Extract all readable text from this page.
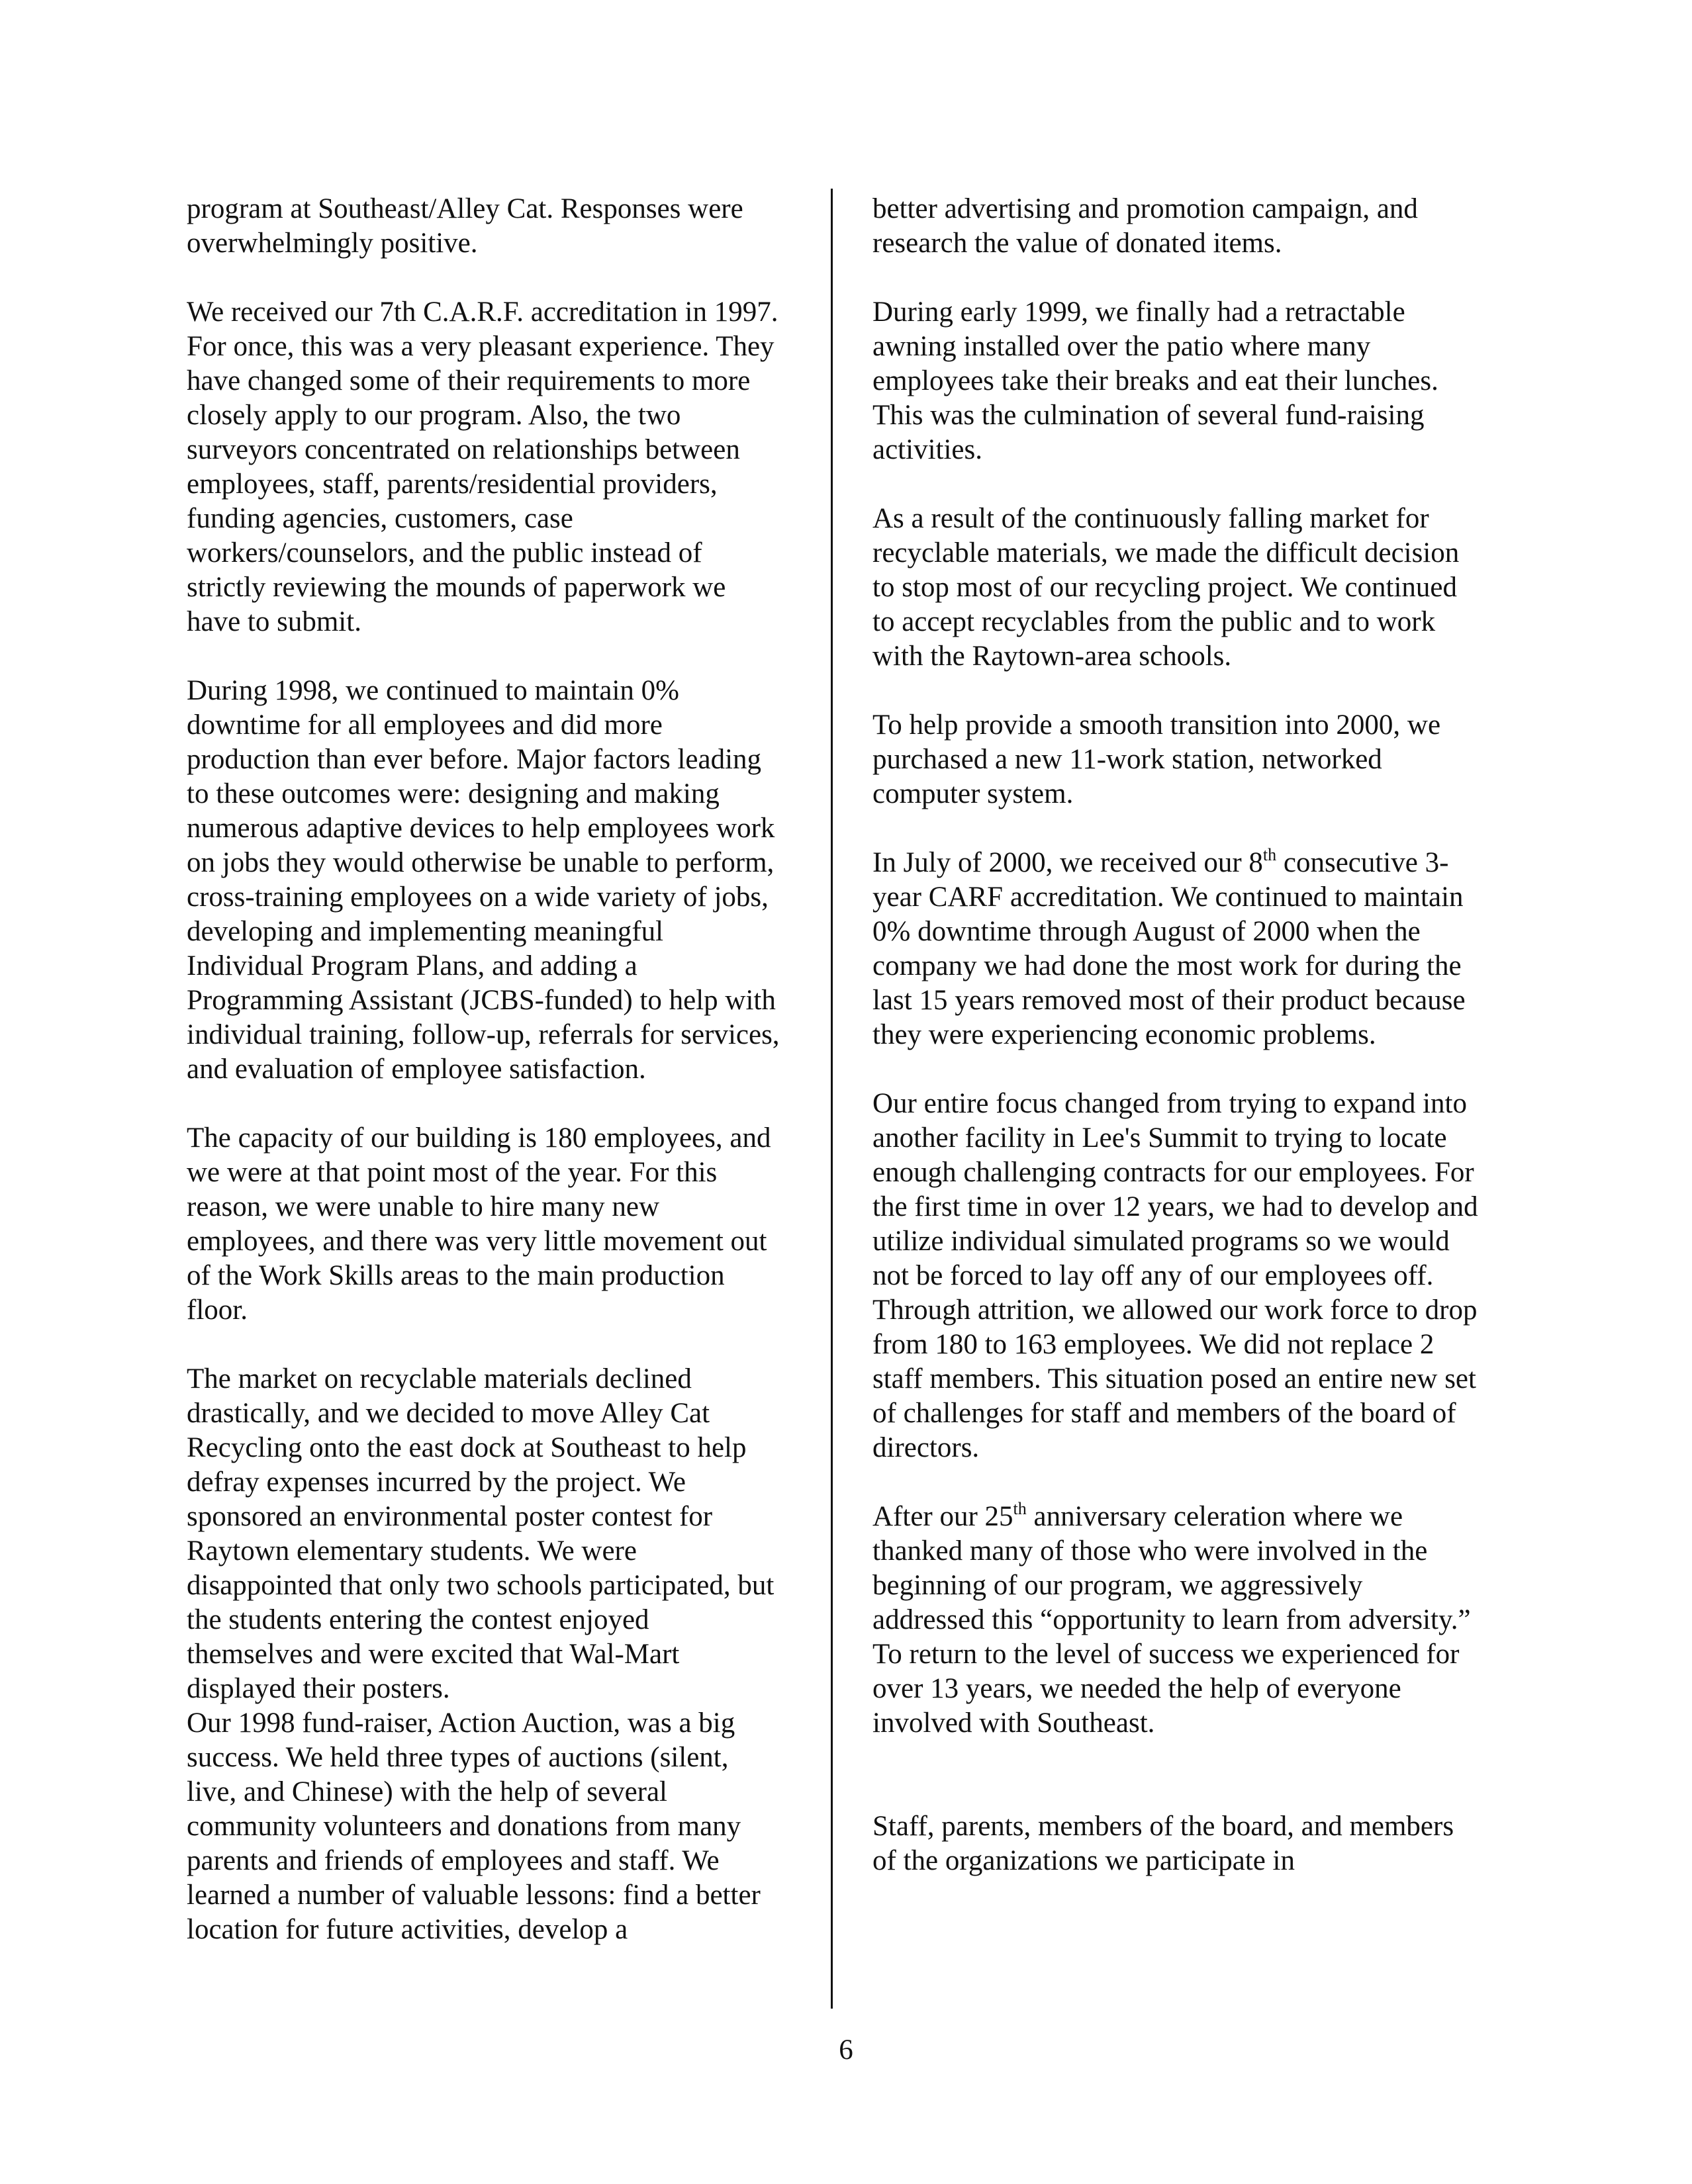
program at Southeast/Alley Cat. Responses were overwhelmingly positive.

We received our 7th C.A.R.F. accreditation in 1997. For once, this was a very pleasant experience. They have changed some of their requirements to more closely apply to our program. Also, the two surveyors concentrated on relationships between employees, staff, parents/residential providers, funding agencies, customers, case workers/counselors, and the public instead of strictly reviewing the mounds of paperwork we have to submit.

During 1998, we continued to maintain 0% downtime for all employees and did more production than ever before. Major factors leading to these outcomes were: designing and making numerous adaptive devices to help employees work on jobs they would otherwise be unable to perform, cross-training employees on a wide variety of jobs, developing and implementing meaningful Individual Program Plans, and adding a Programming Assistant (JCBS-funded) to help with individual training, follow-up, referrals for services, and evaluation of employee satisfaction.

The capacity of our building is 180 employees, and we were at that point most of the year. For this reason, we were unable to hire many new employees, and there was very little movement out of the Work Skills areas to the main production floor.

The market on recyclable materials declined drastically, and we decided to move Alley Cat Recycling onto the east dock at Southeast to help defray expenses incurred by the project. We sponsored an environmental poster contest for Raytown elementary students. We were disappointed that only two schools participated, but the students entering the contest enjoyed themselves and were excited that Wal-Mart displayed their posters.

Our 1998 fund-raiser, Action Auction, was a big success. We held three types of auctions (silent, live, and Chinese) with the help of several community volunteers and donations from many parents and friends of employees and staff. We learned a number of valuable lessons: find a better location for future activities, develop a

better advertising and promotion campaign, and research the value of donated items.

During early 1999, we finally had a retractable awning installed over the patio where many employees take their breaks and eat their lunches. This was the culmination of several fund-raising activities.

As a result of the continuously falling market for recyclable materials, we made the difficult decision to stop most of our recycling project. We continued to accept recyclables from the public and to work with the Raytown-area schools.

To help provide a smooth transition into 2000, we purchased a new 11-work station, networked computer system.

In July of 2000, we received our 8th consecutive 3-year CARF accreditation. We continued to maintain 0% downtime through August of 2000 when the company we had done the most work for during the last 15 years removed most of their product because they were experiencing economic problems.

Our entire focus changed from trying to expand into another facility in Lee's Summit to trying to locate enough challenging contracts for our employees. For the first time in over 12 years, we had to develop and utilize individual simulated programs so we would not be forced to lay off any of our employees off. Through attrition, we allowed our work force to drop from 180 to 163 employees. We did not replace 2 staff members. This situation posed an entire new set of challenges for staff and members of the board of directors.

After our 25th anniversary celeration where we thanked many of those who were involved in the beginning of our program, we aggressively addressed this “opportunity to learn from adversity.”

To return to the level of success we experienced for over 13 years, we needed the help of everyone involved with Southeast.

Staff, parents, members of the board, and members of the organizations we participate in

6
